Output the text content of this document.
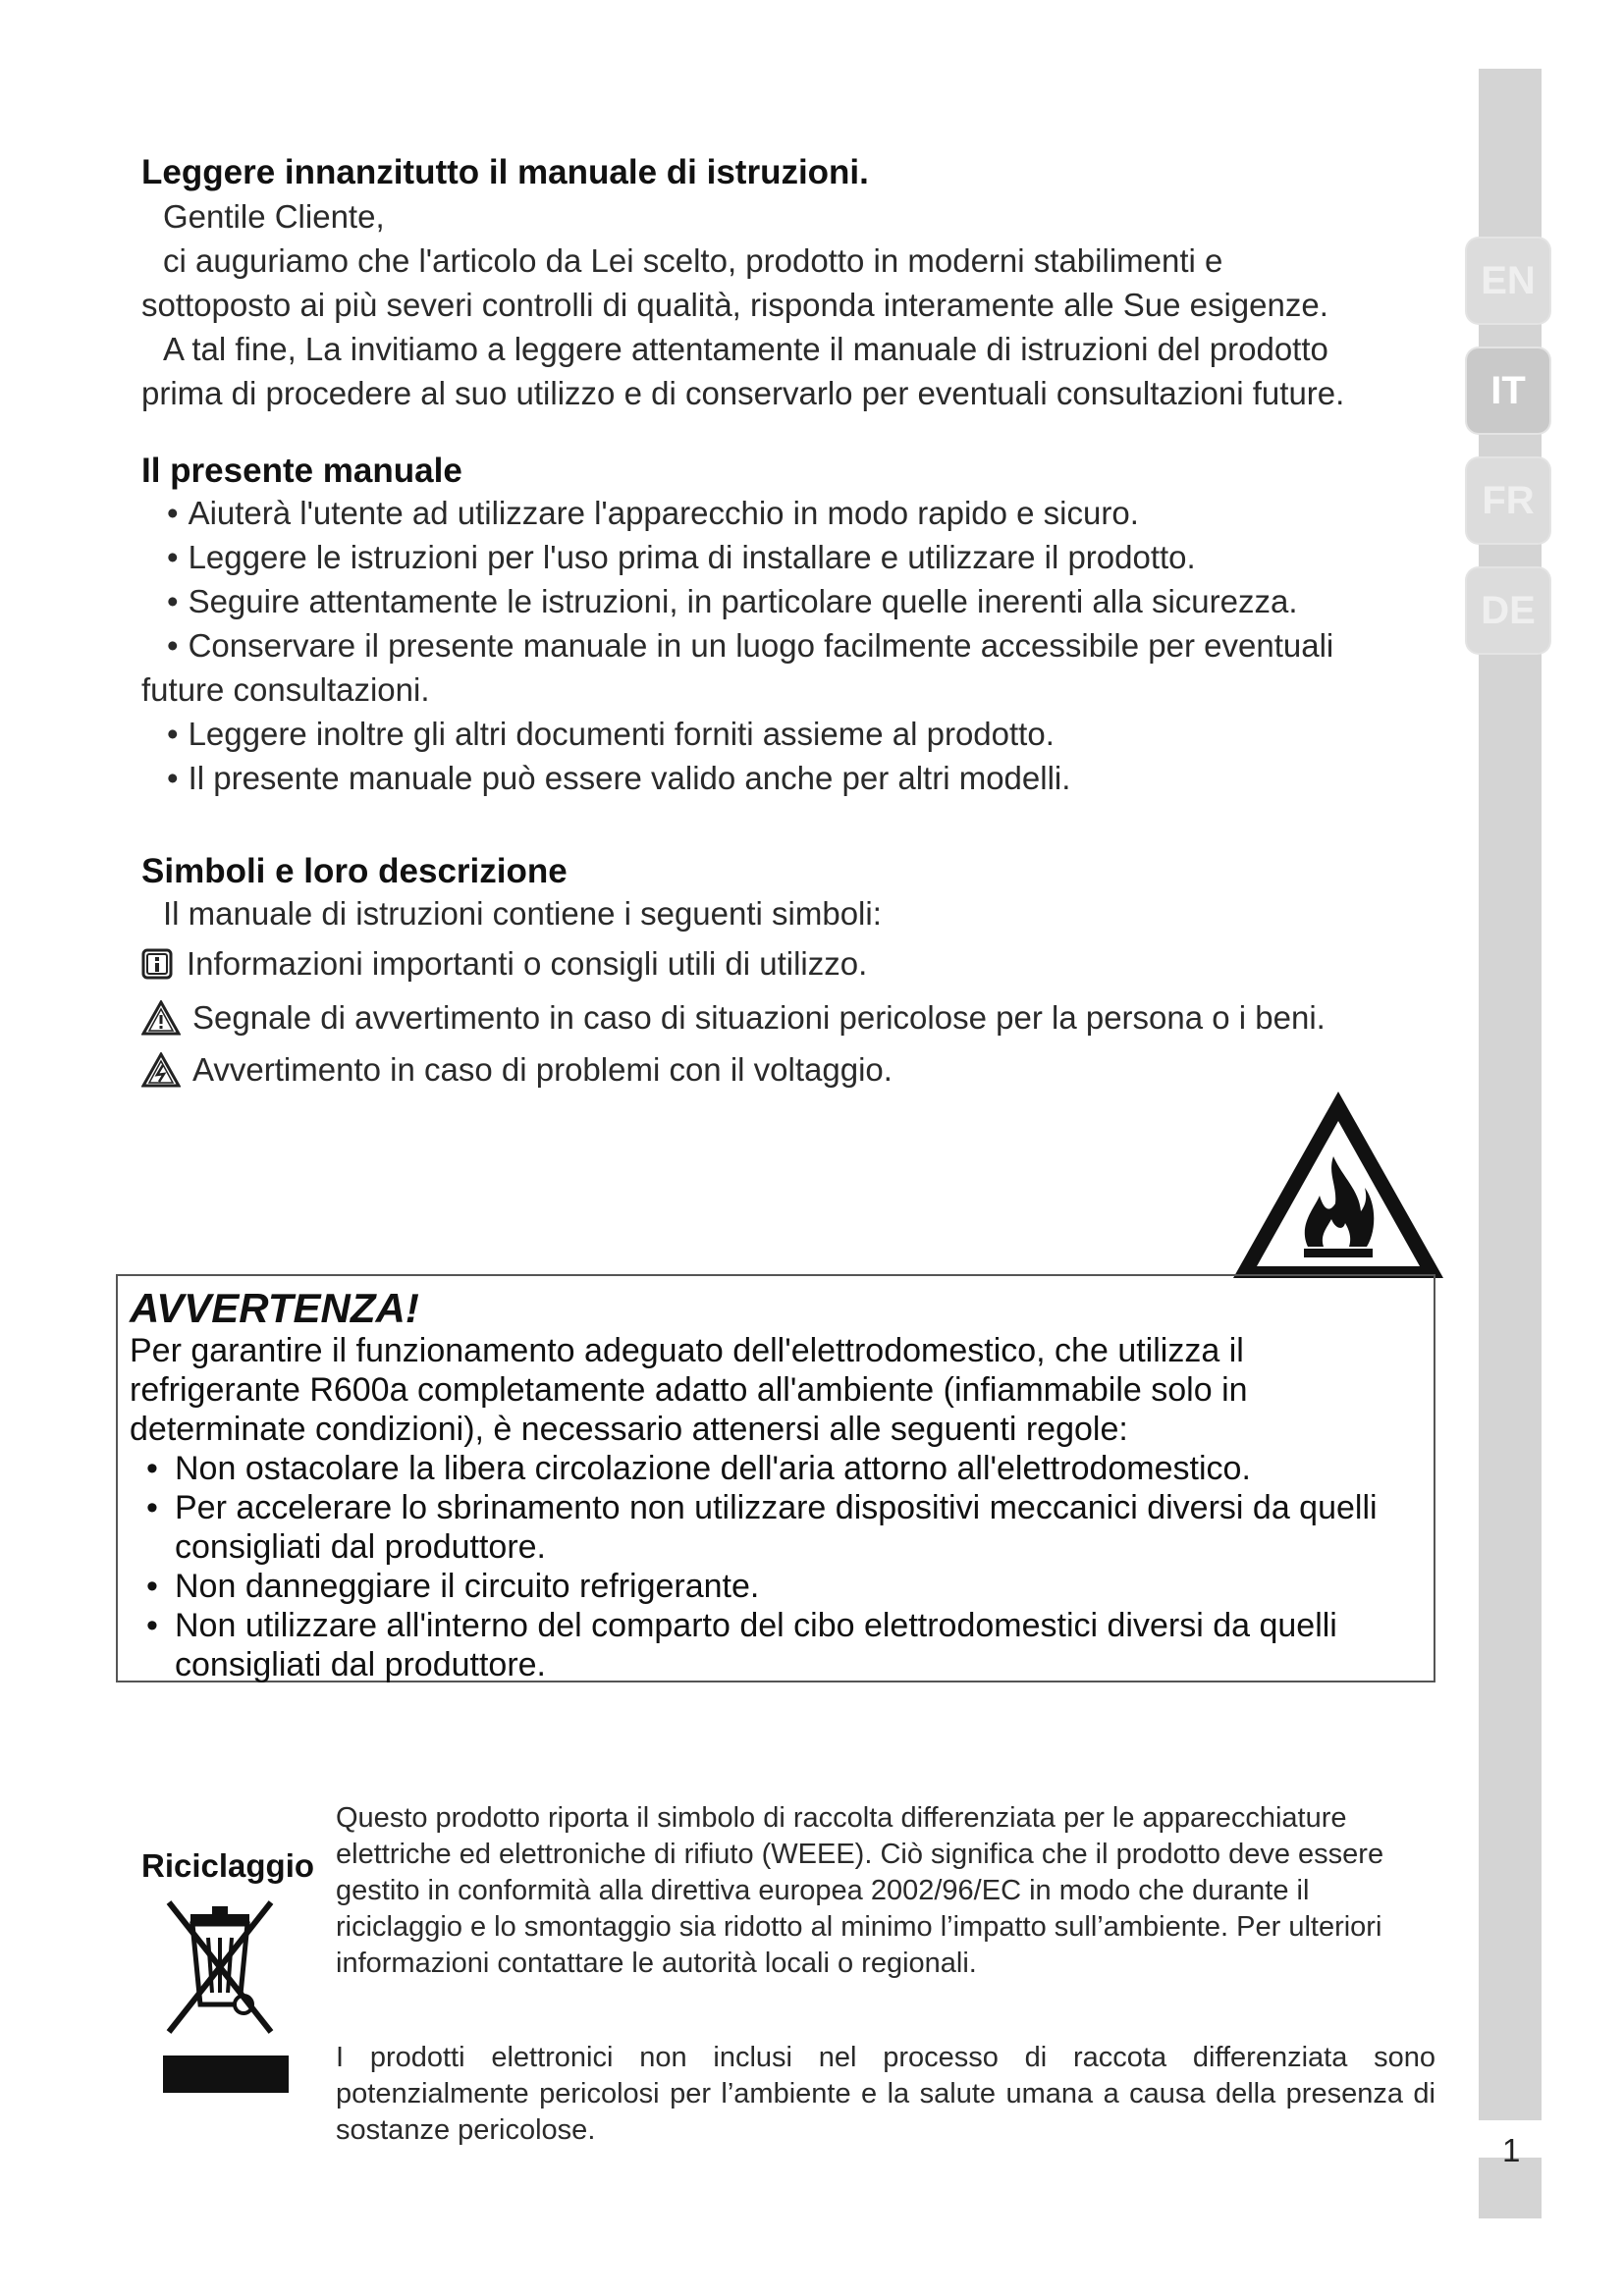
EN
IT
FR
DE
Leggere innanzitutto il manuale di istruzioni.
Gentile Cliente,
ci auguriamo che l'articolo da Lei scelto, prodotto in moderni stabilimenti e
sottoposto ai più severi controlli di qualità, risponda interamente alle Sue esigenze.
A tal fine, La invitiamo a leggere attentamente il manuale di istruzioni del prodotto
prima di procedere al suo utilizzo e di conservarlo per eventuali consultazioni future.
Il presente manuale
• Aiuterà l'utente ad utilizzare l'apparecchio in modo rapido e sicuro.
• Leggere le istruzioni per l'uso prima di installare e utilizzare il prodotto.
• Seguire attentamente le istruzioni, in particolare quelle inerenti alla sicurezza.
• Conservare il presente manuale in un luogo facilmente accessibile per eventuali
future consultazioni.
• Leggere inoltre gli altri documenti forniti assieme al prodotto.
• Il presente manuale può essere valido anche per altri modelli.
Simboli e loro descrizione
Il manuale di istruzioni contiene i seguenti simboli:
Informazioni importanti o consigli utili di utilizzo.
Segnale di avvertimento in caso di situazioni pericolose per la persona o i beni.
Avvertimento in caso di problemi con il voltaggio.
AVVERTENZA!
Per garantire il funzionamento adeguato dell'elettrodomestico, che utilizza il
refrigerante R600a completamente adatto all'ambiente (infiammabile solo in
determinate condizioni), è necessario attenersi alle seguenti regole:
• Non ostacolare la libera circolazione dell'aria attorno all'elettrodomestico.
• Per accelerare lo sbrinamento non utilizzare dispositivi meccanici diversi da quelli consigliati dal produttore.
• Non danneggiare il circuito refrigerante.
• Non utilizzare all'interno del comparto del cibo elettrodomestici diversi da quelli consigliati dal produttore.
Riciclaggio
Questo prodotto riporta il simbolo di raccolta differenziata per le apparecchiature elettriche ed elettroniche di rifiuto (WEEE). Ciò significa che il prodotto deve essere gestito in conformità alla direttiva europea 2002/96/EC in modo che durante il riciclaggio e lo smontaggio sia ridotto al minimo l’impatto sull’ambiente. Per ulteriori informazioni contattare le autorità locali o regionali.
I prodotti elettronici non inclusi nel processo di raccota differenziata sono potenzialmente pericolosi per l’ambiente e la salute umana a causa della presenza di sostanze pericolose.
1
